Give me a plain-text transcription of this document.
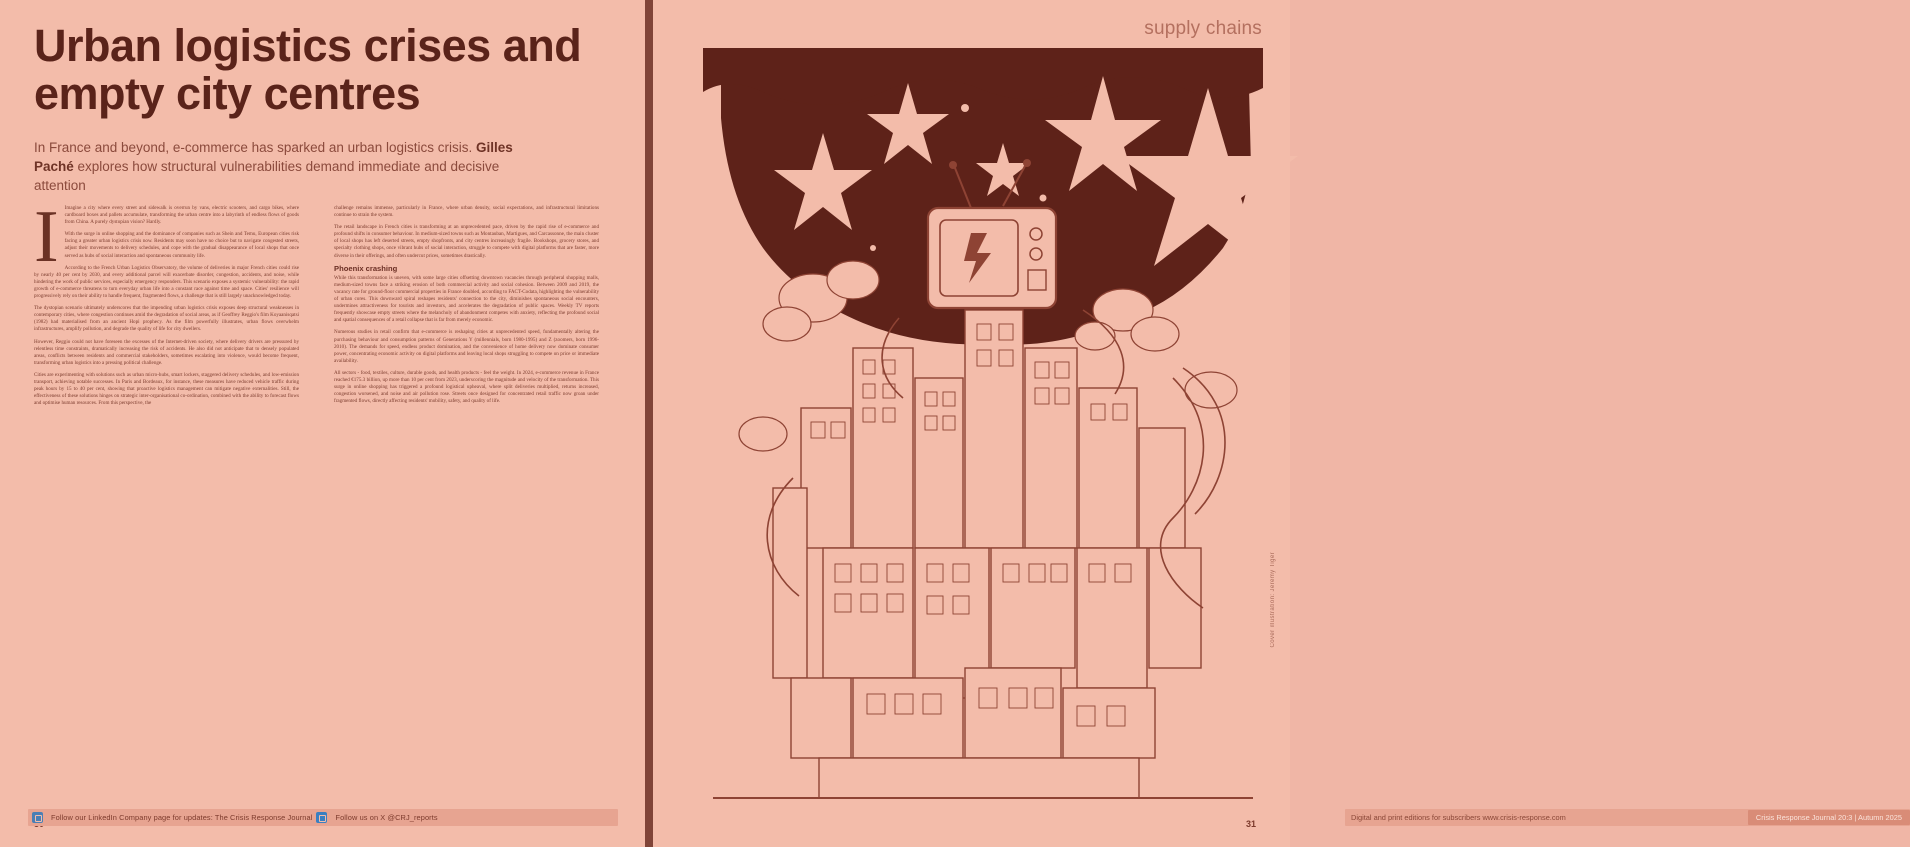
Urban logistics crises and empty city centres
In France and beyond, e-commerce has sparked an urban logistics crisis. Gilles Paché explores how structural vulnerabilities demand immediate and decisive attention

I Imagine a city where every street and sidewalk is overrun by vans, electric scooters, and cargo bikes, where cardboard boxes and pallets accumulate, transforming the urban centre into a labyrinth of endless flows of goods from China. A purely dystopian vision? Hardly.

With the surge in online shopping and the dominance of companies such as Shein and Temu, European cities risk facing a greater urban logistics crisis now. Residents may soon have no choice but to navigate congested streets, adjust their movements to delivery schedules, and cope with the gradual disappearance of local shops that once served as hubs of social interaction and spontaneous community life.

According to the French Urban Logistics Observatory, the volume of deliveries in major French cities could rise by nearly 40 per cent by 2030, and every additional parcel will exacerbate disorder, congestion, accidents, and noise, while hindering the work of public services, especially emergency responders. This scenario exposes a systemic vulnerability: the rapid growth of e-commerce threatens to turn everyday urban life into a constant race against time and space. Cities' resilience will progressively rely on their ability to handle frequent, fragmented flows, a challenge that is still largely unacknowledged today.

The dystopian scenario ultimately underscores that the impending urban logistics crisis exposes deep structural weaknesses in contemporary cities, where congestion continues amid the degradation of social areas, as if Geoffrey Reggio's film Koyaanisqatsi (1982) had materialised from an ancient Hopi prophecy. As the film powerfully illustrates, urban flows overwhelm infrastructures, amplify pollution, and degrade the quality of life for city dwellers.

However, Reggio could not have foreseen the excesses of the Internet-driven society, where delivery drivers are pressured by relentless time constraints, dramatically increasing the risk of accidents. He also did not anticipate that to densely populated areas, conflicts between residents and commercial stakeholders, sometimes escalating into violence, would become frequent, transforming urban logistics into a pressing political challenge.

Cities are experimenting with solutions such as urban micro-hubs, smart lockers, staggered delivery schedules, and low-emission transport, achieving notable successes. In Paris and Bordeaux, for instance, these measures have reduced vehicle traffic during peak hours by 15 to 40 per cent, showing that proactive logistics management can mitigate negative externalities. Still, the effectiveness of these solutions hinges on strategic inter-organisational co-ordination, combined with the ability to forecast flows and optimise human resources. From this perspective, the

challenge remains immense, particularly in France, where urban density, social expectations, and infrastructural limitations continue to strain the system.

The retail landscape in French cities is transforming at an unprecedented pace, driven by the rapid rise of e-commerce and profound shifts in consumer behaviour. In medium-sized towns such as Montauban, Martigues, and Carcassonne, the main cluster of local shops has left deserted streets, empty shopfronts, and city centres increasingly fragile. Bookshops, grocery stores, and specialty clothing shops, once vibrant hubs of social interaction, struggle to compete with digital platforms that are faster, more diverse in their offerings, and often undercut prices, sometimes drastically.

Phoenix crashing

While this transformation is uneven, with some large cities offsetting downtown vacancies through peripheral shopping malls, medium-sized towns face a striking erosion of both commercial activity and social cohesion. Between 2009 and 2019, the vacancy rate for ground-floor commercial properties in France doubled, according to FACT-Codata, highlighting the vulnerability of urban cores. This downward spiral reshapes residents' connection to the city, diminishes spontaneous social encounters, undermines attractiveness for tourists and investors, and accelerates the degradation of public spaces. Weekly TV reports frequently showcase empty streets where the melancholy of abandonment competes with anxiety, reflecting the profound social and spatial consequences of a retail collapse that is far from merely economic.

Numerous studies in retail confirm that e-commerce is reshaping cities at unprecedented speed, fundamentally altering the purchasing behaviour and consumption patterns of Generations Y (millennials, born 1980-1995) and Z (zoomers, born 1996-2010). The demands for speed, endless product domination, and the convenience of home delivery now dominate consumer power, concentrating economic activity on digital platforms and leaving local shops struggling to compete on price or immediate availability.

All sectors - food, textiles, culture, durable goods, and health products - feel the weight. In 2024, e-commerce revenue in France reached €175.3 billion, up more than 10 per cent from 2023, underscoring the magnitude and velocity of the transformation. This surge in online shopping has triggered a profound logistical upheaval, where split deliveries multiplied, returns increased, congestion worsened, and noise and air pollution rose. Streets once designed for concentrated retail traffic now groan under fragmented flows, directly affecting residents' mobility, safety, and quality of life.

Follow our LinkedIn Company page for updates: The Crisis Response Journal	Follow us on X @CRJ_reports
supply chains
Cover illustration: Jeremy Tiger
31
Digital and print editions for subscribers www.crisis-response.com	Crisis Response Journal 20:3 | Autumn 2025
